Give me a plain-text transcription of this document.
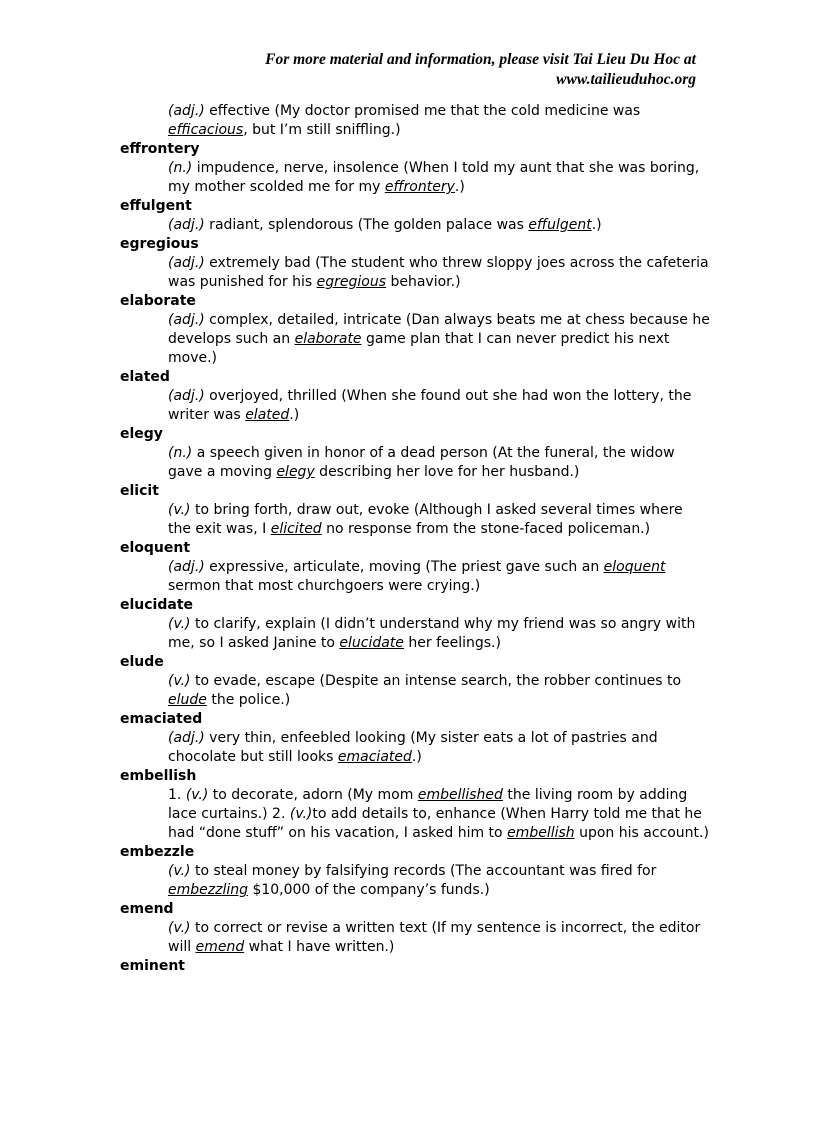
For more material and information, please visit Tai Lieu Du Hoc at
www.tailieuduhoc.org
(adj.) effective (My doctor promised me that the cold medicine was efficacious, but I’m still sniffling.)
effrontery
(n.) impudence, nerve, insolence (When I told my aunt that she was boring, my mother scolded me for my effrontery.)
effulgent
(adj.) radiant, splendorous (The golden palace was effulgent.)
egregious
(adj.) extremely bad (The student who threw sloppy joes across the cafeteria was punished for his egregious behavior.)
elaborate
(adj.) complex, detailed, intricate (Dan always beats me at chess because he develops such an elaborate game plan that I can never predict his next move.)
elated
(adj.) overjoyed, thrilled (When she found out she had won the lottery, the writer was elated.)
elegy
(n.) a speech given in honor of a dead person (At the funeral, the widow gave a moving elegy describing her love for her husband.)
elicit
(v.) to bring forth, draw out, evoke (Although I asked several times where the exit was, I elicited no response from the stone-faced policeman.)
eloquent
(adj.) expressive, articulate, moving (The priest gave such an eloquent sermon that most churchgoers were crying.)
elucidate
(v.) to clarify, explain (I didn’t understand why my friend was so angry with me, so I asked Janine to elucidate her feelings.)
elude
(v.) to evade, escape (Despite an intense search, the robber continues to elude the police.)
emaciated
(adj.) very thin, enfeebled looking (My sister eats a lot of pastries and chocolate but still looks emaciated.)
embellish
1. (v.) to decorate, adorn (My mom embellished the living room by adding lace curtains.) 2. (v.)to add details to, enhance (When Harry told me that he had “done stuff” on his vacation, I asked him to embellish upon his account.)
embezzle
(v.) to steal money by falsifying records (The accountant was fired for embezzling $10,000 of the company’s funds.)
emend
(v.) to correct or revise a written text (If my sentence is incorrect, the editor will emend what I have written.)
eminent
